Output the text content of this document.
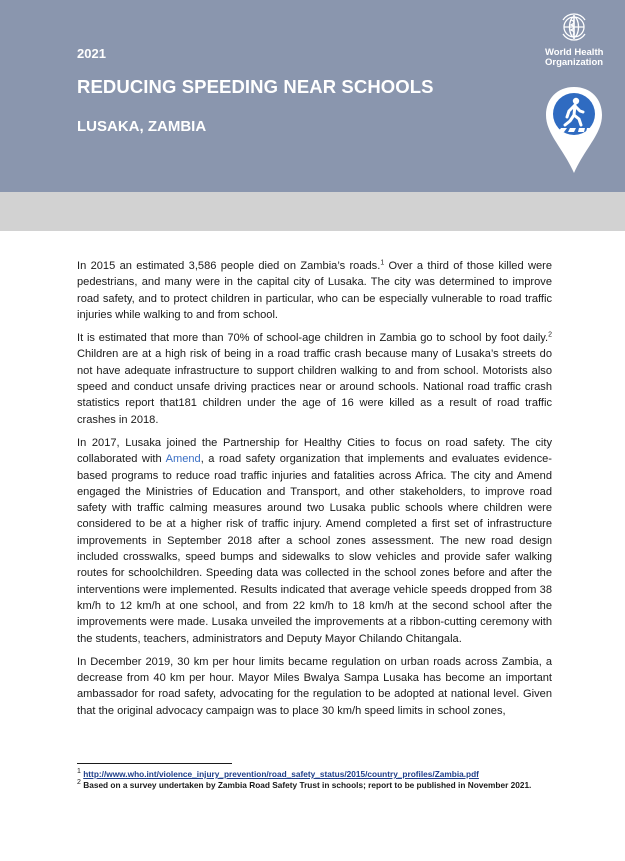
2021
REDUCING SPEEDING NEAR SCHOOLS
LUSAKA, ZAMBIA
World Health
Organization

In 2015 an estimated 3,586 people died on Zambia’s roads.$^1$ Over a third of those killed were pedestrians, and many were in the capital city of Lusaka. The city was determined to improve road safety, and to protect children in particular, who can be especially vulnerable to road traffic injuries while walking to and from school.

It is estimated that more than 70% of school-age children in Zambia go to school by foot daily.$^2$ Children are at a high risk of being in a road traffic crash because many of Lusaka’s streets do not have adequate infrastructure to support children walking to and from school. Motorists also speed and conduct unsafe driving practices near or around schools. National road traffic crash statistics report that181 children under the age of 16 were killed as a result of road traffic crashes in 2018.

In 2017, Lusaka joined the Partnership for Healthy Cities to focus on road safety. The city collaborated with Amend, a road safety organization that implements and evaluates evidence-based programs to reduce road traffic injuries and fatalities across Africa. The city and Amend engaged the Ministries of Education and Transport, and other stakeholders, to improve road safety with traffic calming measures around two Lusaka public schools where children were considered to be at a higher risk of traffic injury. Amend completed a first set of infrastructure improvements in September 2018 after a school zones assessment. The new road design included crosswalks, speed bumps and sidewalks to slow vehicles and provide safer walking routes for schoolchildren. Speeding data was collected in the school zones before and after the interventions were implemented. Results indicated that average vehicle speeds dropped from 38 km/h to 12 km/h at one school, and from 22 km/h to 18 km/h at the second school after the improvements were made. Lusaka unveiled the improvements at a ribbon-cutting ceremony with the students, teachers, administrators and Deputy Mayor Chilando Chitangala.

In December 2019, 30 km per hour limits became regulation on urban roads across Zambia, a decrease from 40 km per hour. Mayor Miles Bwalya Sampa Lusaka has become an important ambassador for road safety, advocating for the regulation to be adopted at national level. Given that the original advocacy campaign was to place 30 km/h speed limits in school zones,

$^1$ http://www.who.int/violence_injury_prevention/road_safety_status/2015/country_profiles/Zambia.pdf
$^2$ Based on a survey undertaken by Zambia Road Safety Trust in schools; report to be published in November 2021.
